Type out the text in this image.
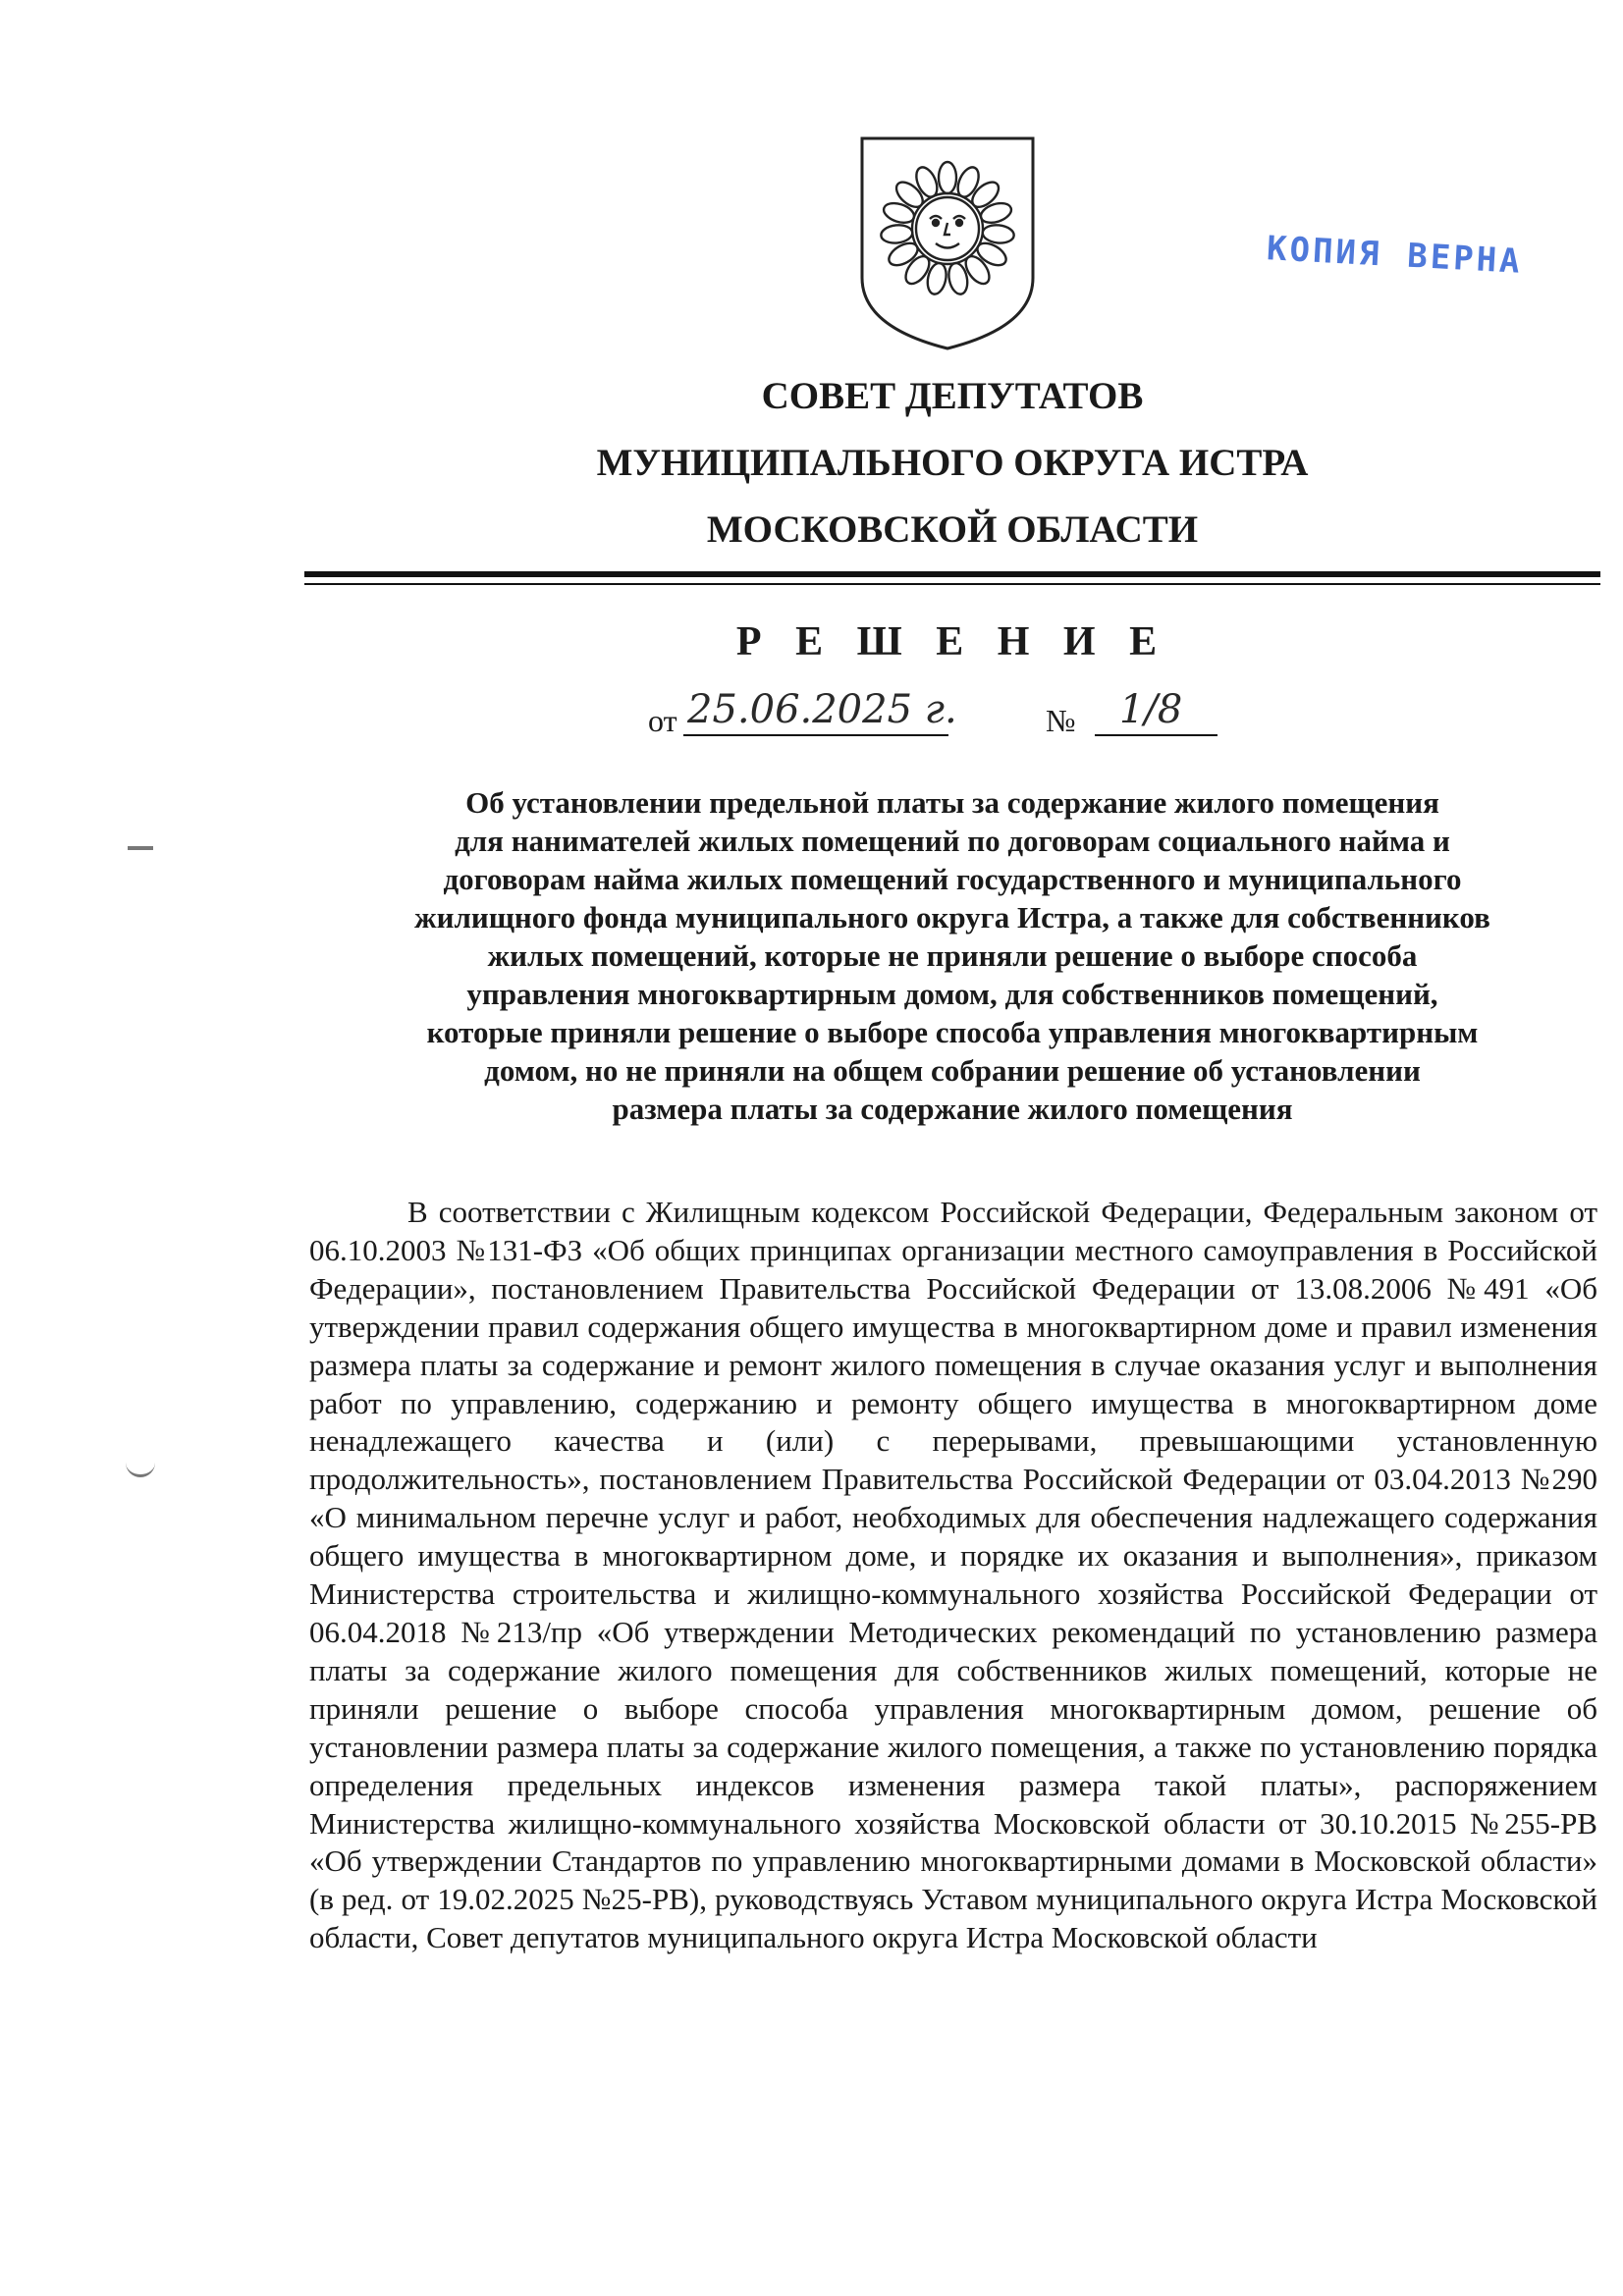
КОПИЯ ВЕРНА
СОВЕТ ДЕПУТАТОВ
МУНИЦИПАЛЬНОГО ОКРУГА ИСТРА
МОСКОВСКОЙ ОБЛАСТИ
Р Е Ш Е Н И Е
от 25.06.2025 г.	№ 1/8
Об установлении предельной платы за содержание жилого помещения
для нанимателей жилых помещений по договорам социального найма и
договорам найма жилых помещений государственного и муниципального
жилищного фонда муниципального округа Истра, а также для собственников
жилых помещений, которые не приняли решение о выборе способа
управления многоквартирным домом, для собственников помещений,
которые приняли решение о выборе способа управления многоквартирным
домом, но не приняли на общем собрании решение об установлении
размера платы за содержание жилого помещения
В соответствии с Жилищным кодексом Российской Федерации, Федеральным законом от 06.10.2003 №131-ФЗ «Об общих принципах организации местного самоуправления в Российской Федерации», постановлением Правительства Российской Федерации от 13.08.2006 №491 «Об утверждении правил содержания общего имущества в многоквартирном доме и правил изменения размера платы за содержание и ремонт жилого помещения в случае оказания услуг и выполнения работ по управлению, содержанию и ремонту общего имущества в многоквартирном доме ненадлежащего качества и (или) с перерывами, превышающими установленную продолжительность», постановлением Правительства Российской Федерации от 03.04.2013 №290 «О минимальном перечне услуг и работ, необходимых для обеспечения надлежащего содержания общего имущества в многоквартирном доме, и порядке их оказания и выполнения», приказом Министерства строительства и жилищно-коммунального хозяйства Российской Федерации от 06.04.2018 №213/пр «Об утверждении Методических рекомендаций по установлению размера платы за содержание жилого помещения для собственников жилых помещений, которые не приняли решение о выборе способа управления многоквартирным домом, решение об установлении размера платы за содержание жилого помещения, а также по установлению порядка определения предельных индексов изменения размера такой платы», распоряжением Министерства жилищно-коммунального хозяйства Московской области от 30.10.2015 №255-РВ «Об утверждении Стандартов по управлению многоквартирными домами в Московской области» (в ред. от 19.02.2025 №25-РВ), руководствуясь Уставом муниципального округа Истра Московской области, Совет депутатов муниципального округа Истра Московской области
